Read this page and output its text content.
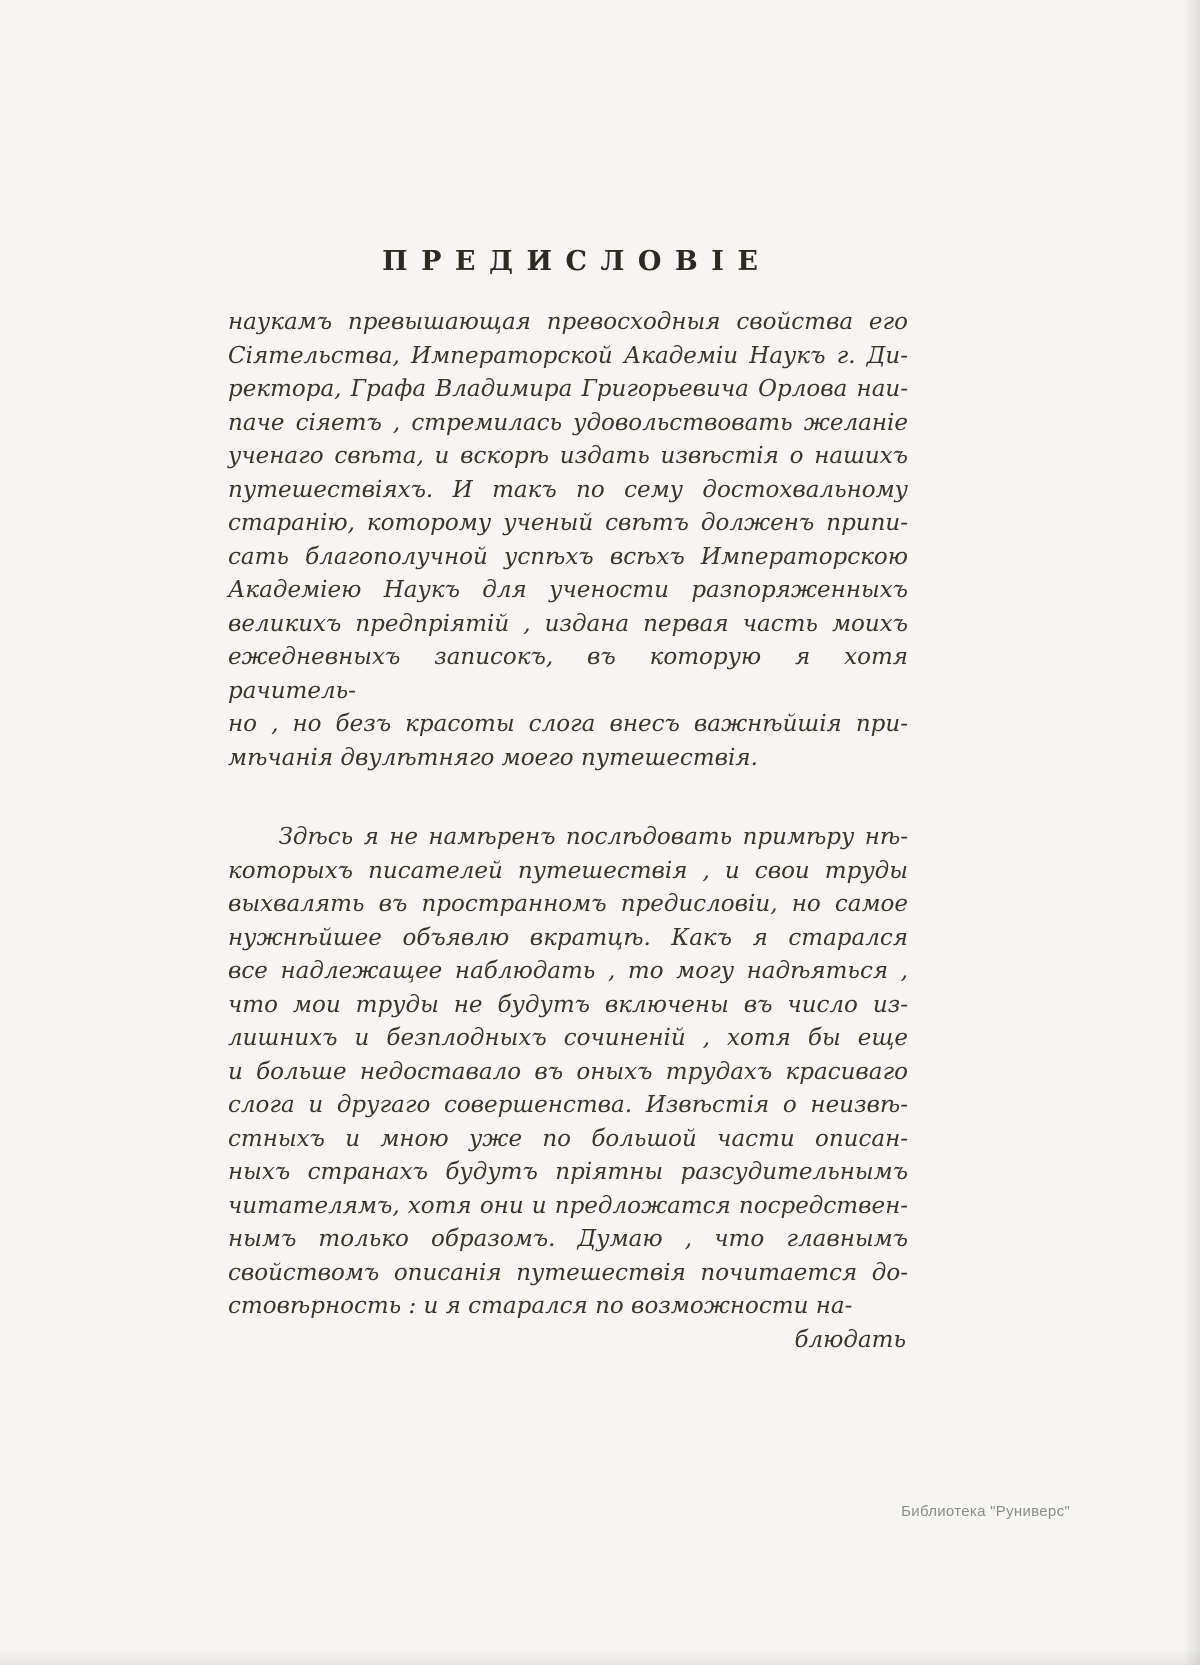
ПРЕДИСЛОВІЕ
наукамъ превышающая превосходныя свойства его
Сіятельства, Императорской Академіи Наукъ г. Ди-
ректора, Графа Владимира Григорьевича Орлова наи-
паче сіяетъ , стремилась удовольствовать желаніе
ученаго свѣта, и вскорѣ издать извѣстія о нашихъ
путешествіяхъ. И такъ по сему достохвальному
старанію, которому ученый свѣтъ долженъ припи-
сать благополучной успѣхъ всѣхъ Императорскою
Академіею Наукъ для учености разпоряженныхъ
великихъ предпріятій , издана первая часть моихъ
ежедневныхъ записокъ, въ которую я хотя рачитель-
но , но безъ красоты слога внесъ важнѣйшія при-
мѣчанія двулѣтняго моего путешествія.
Здѣсь я не намѣренъ послѣдовать примѣру нѣ-
которыхъ писателей путешествія , и свои труды
выхвалять въ пространномъ предисловіи, но самое
нужнѣйшее объявлю вкратцѣ. Какъ я старался
все надлежащее наблюдать , то могу надѣяться ,
что мои труды не будутъ включены въ число из-
лишнихъ и безплодныхъ сочиненій , хотя бы еще
и больше недоставало въ оныхъ трудахъ красиваго
слога и другаго совершенства. Извѣстія о неизвѣ-
стныхъ и мною уже по большой части описан-
ныхъ странахъ будутъ пріятны разсудительнымъ
читателямъ, хотя они и предложатся посредствен-
нымъ только образомъ. Думаю , что главнымъ
свойствомъ описанія путешествія почитается до-
стовѣрность : и я старался по возможности на-
блюдать
Библиотека "Руниверс"
